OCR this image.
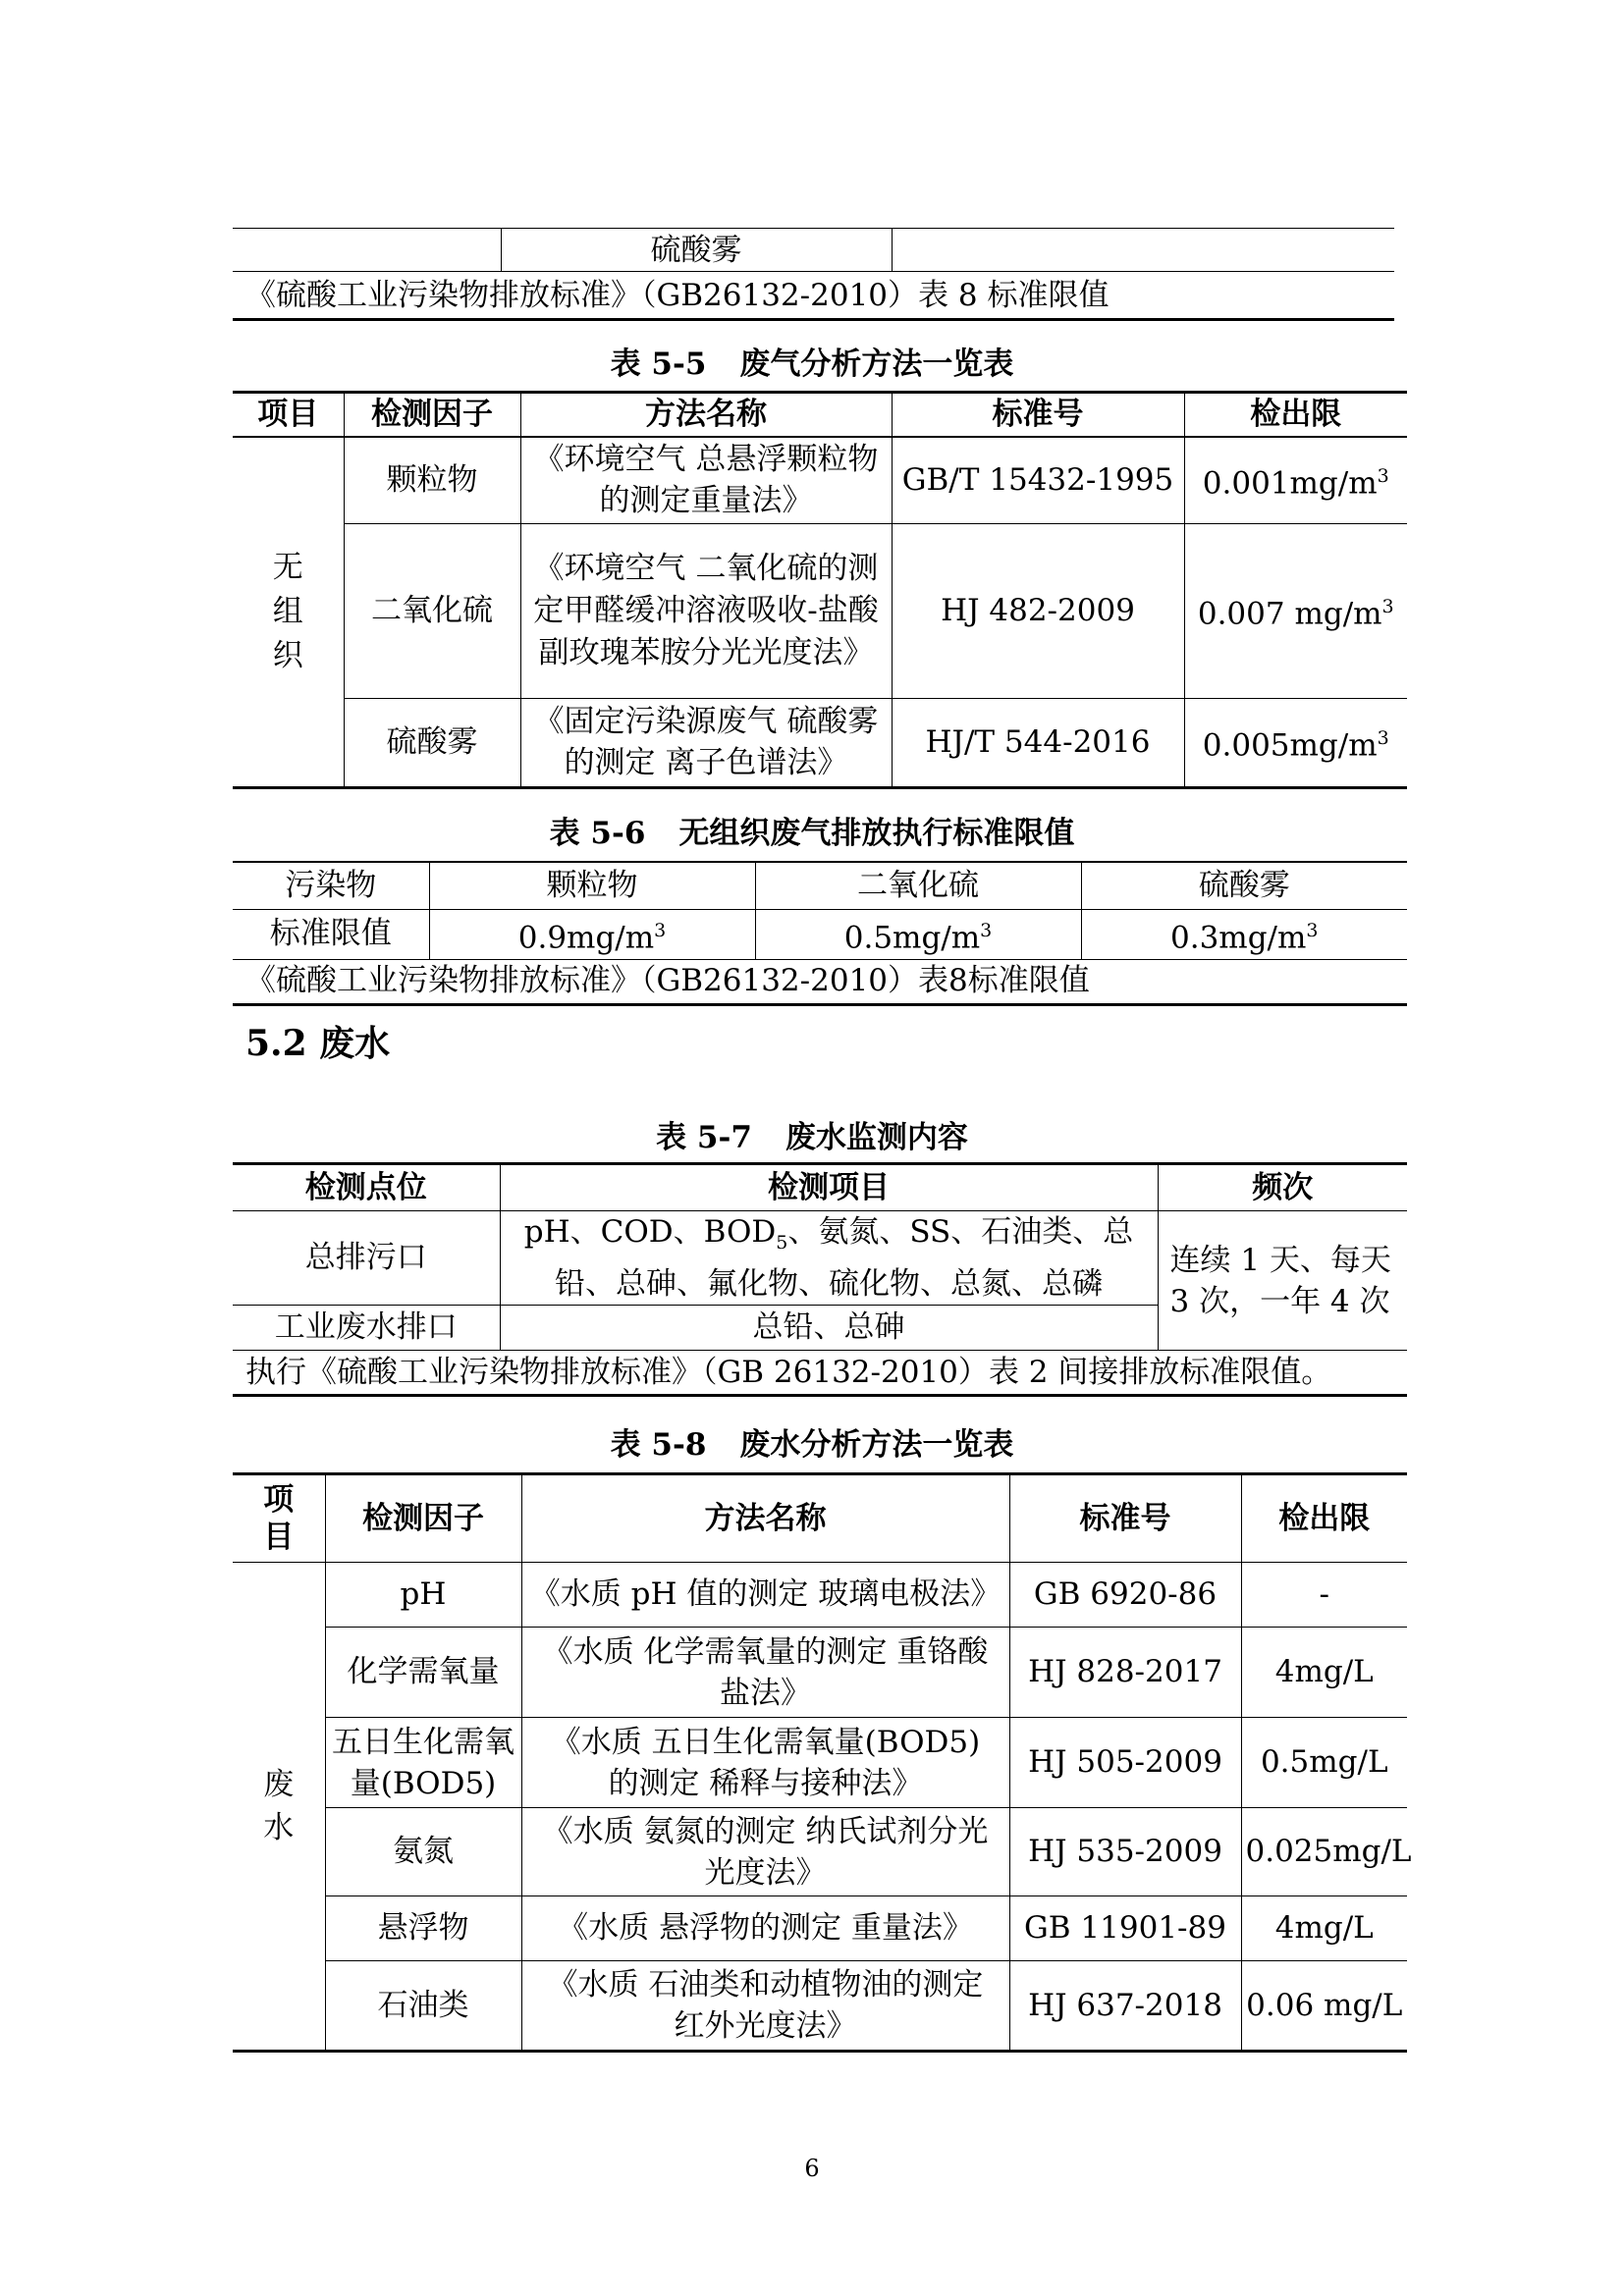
硫酸雾
《硫酸工业污染物排放标准》（GB26132-2010）表 8 标准限值
表 5-5 废气分析方法一览表
项目	检测因子	方法名称	标准号	检出限

无组织	颗粒物	《环境空气 总悬浮颗粒物的测定重量法》	GB/T 15432-1995	$0.001mg/m^3$
	二氧化硫	《环境空气 二氧化硫的测定甲醛缓冲溶液吸收-盐酸副玫瑰苯胺分光光度法》	HJ 482-2009	0.007 $mg/m^3$
	硫酸雾	《固定污染源废气 硫酸雾的测定 离子色谱法》	HJ/T 544-2016	$0.005mg/m^3$
表 5-6 无组织废气排放执行标准限值
污染物	颗粒物	二氧化硫	硫酸雾
标准限值	$0.9mg/m^3$	$0.5mg/m^3$	$0.3mg/m^3$
《硫酸工业污染物排放标准》（GB26132-2010）表8标准限值			
5.2 废水
表 5-7 废水监测内容
检测点位	检测项目	频次
总排污口	pH、COD、$BOD_5$、氨氮、SS、石油类、总铅、总砷、氟化物、硫化物、总氮、总磷	连续 1 天、每天 3 次，一年 4 次
工业废水排口	总铅、总砷	
执行《硫酸工业污染物排放标准》（GB 26132-2010）表 2 间接排放标准限值。		
表 5-8 废水分析方法一览表
项目	检测因子	方法名称	标准号	检出限

废水	pH	《水质 pH 值的测定 玻璃电极法》	GB 6920-86	-
	化学需氧量	《水质 化学需氧量的测定 重铬酸盐法》	HJ 828-2017	4mg/L
	五日生化需氧量(BOD5)	《水质 五日生化需氧量(BOD5)的测定 稀释与接种法》	HJ 505-2009	0.5mg/L
	氨氮	《水质 氨氮的测定 纳氏试剂分光光度法》	HJ 535-2009	0.025mg/L
	悬浮物	《水质 悬浮物的测定 重量法》	GB 11901-89	4mg/L
	石油类	《水质 石油类和动植物油的测定 红外光度法》	HJ 637-2018	0.06 mg/L
6
